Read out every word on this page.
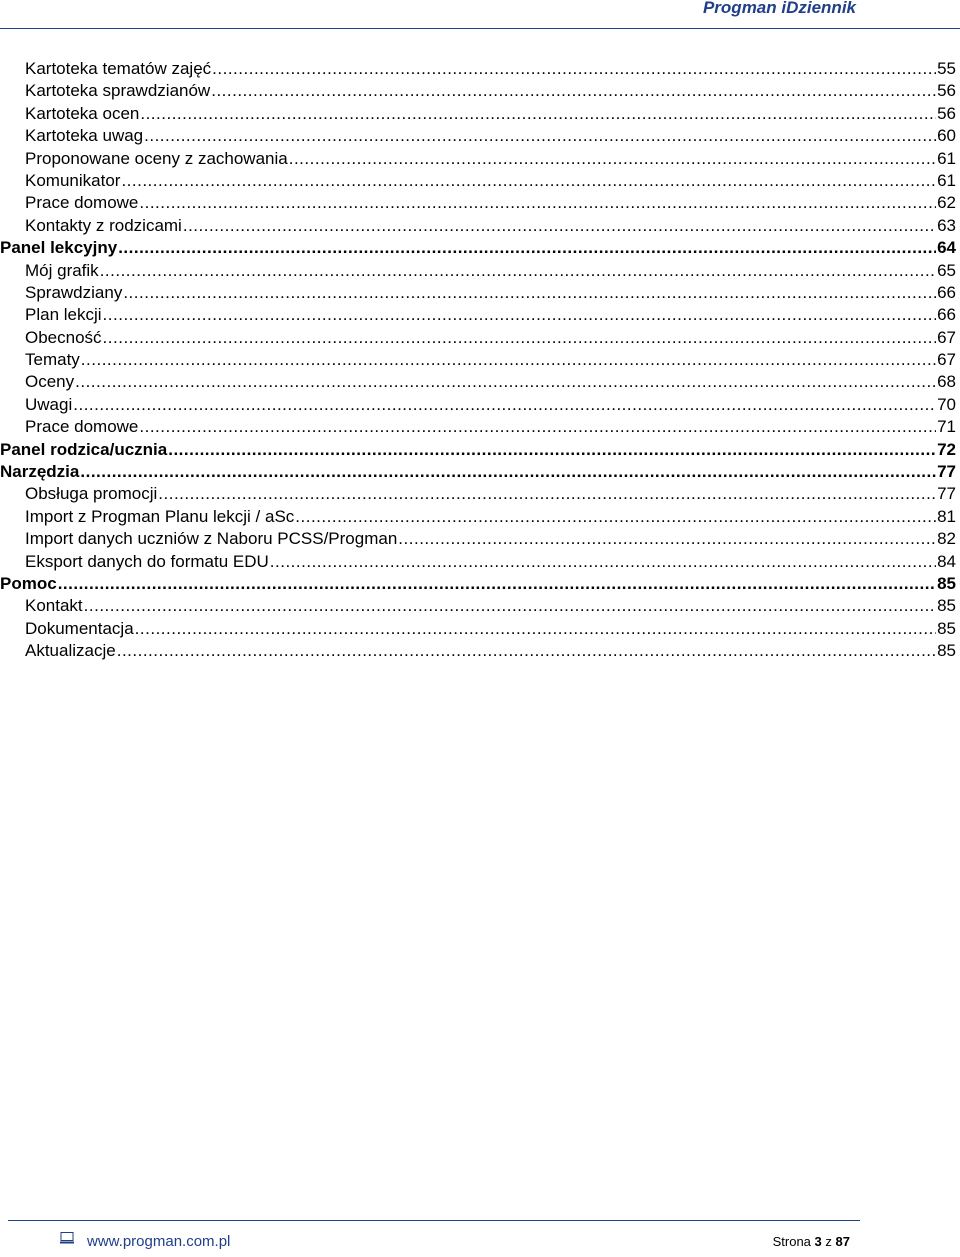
Progman iDziennik
Kartoteka tematów zajęć .....	55
Kartoteka sprawdzianów .....	56
Kartoteka ocen .....	56
Kartoteka uwag .....	60
Proponowane oceny z zachowania .....	61
Komunikator .....	61
Prace domowe .....	62
Kontakty z rodzicami .....	63
Panel lekcyjny .....	64
Mój grafik .....	65
Sprawdziany .....	66
Plan lekcji .....	66
Obecność .....	67
Tematy .....	67
Oceny .....	68
Uwagi .....	70
Prace domowe .....	71
Panel rodzica/ucznia .....	72
Narzędzia .....	77
Obsługa promocji .....	77
Import z Progman Planu lekcji / aSc .....	81
Import danych uczniów z Naboru PCSS/Progman .....	82
Eksport danych do formatu EDU .....	84
Pomoc .....	85
Kontakt .....	85
Dokumentacja .....	85
Aktualizacje .....	85
www.progman.com.pl	Strona 3 z 87
